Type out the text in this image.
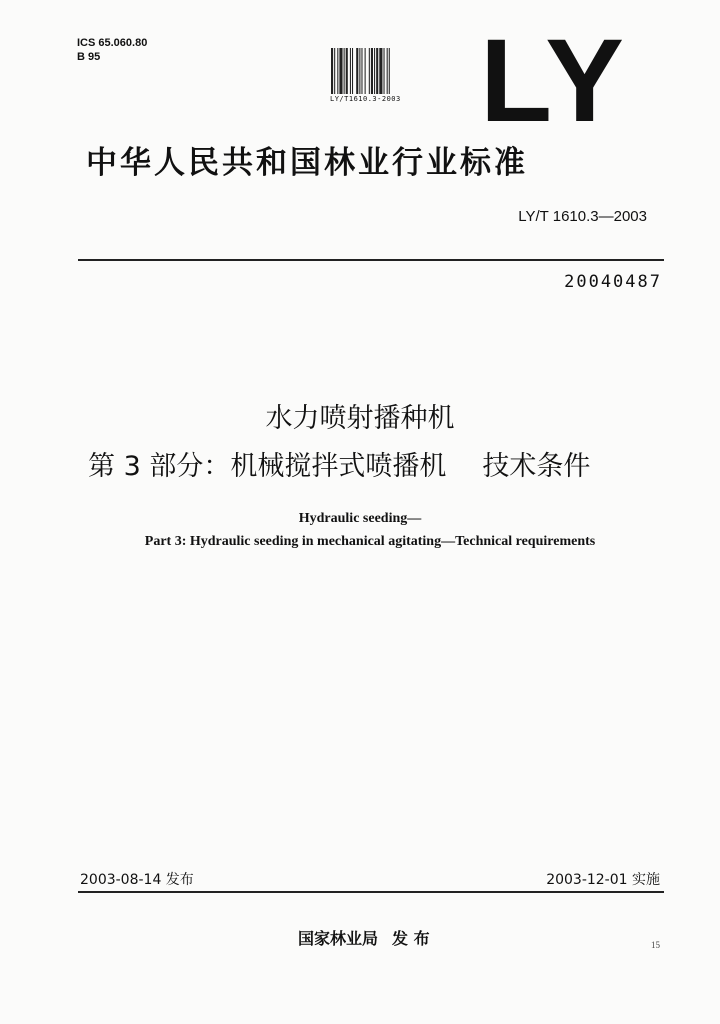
ICS 65.060.80
B 95
LY/T1610.3-2003 LY
中华人民共和国林业行业标准
LY/T 1610.3—2003
20040487
水力喷射播种机
第 3 部分：机械搅拌式喷播机 技术条件
Hydraulic seeding—
Part 3: Hydraulic seeding in mechanical agitating—Technical requirements
2003-08-14 发布	2003-12-01 实施
国家林业局 发 布	15
